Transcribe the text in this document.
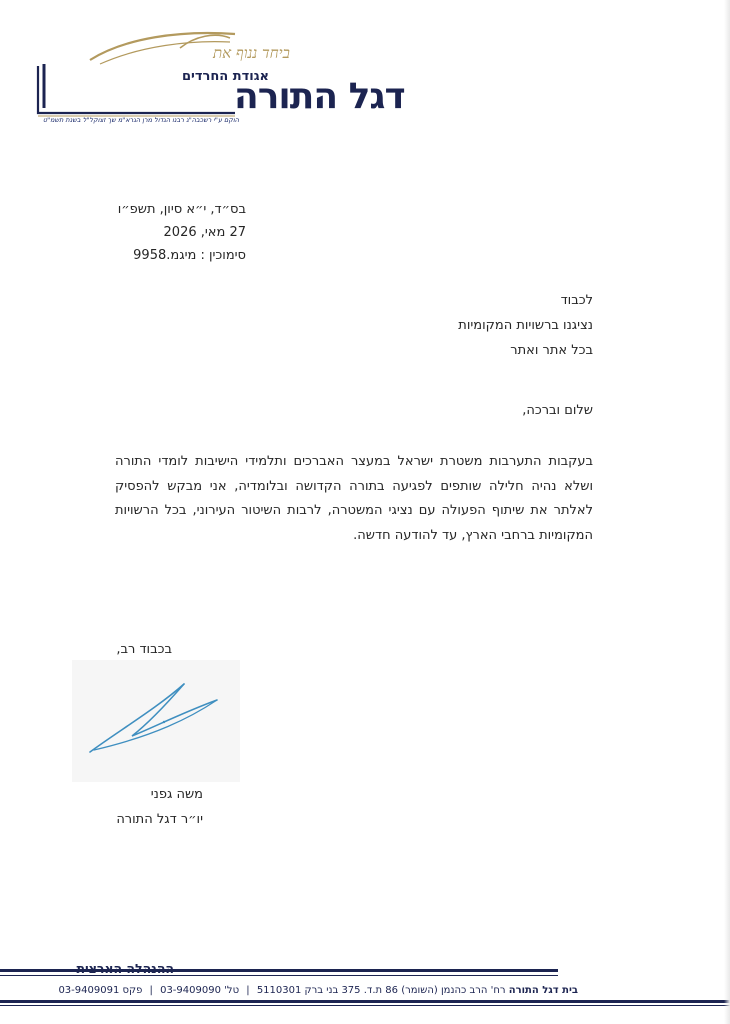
ביחד ננוף את
אגודת החרדים
דגל התורה
הוקם ע"י רשכבה"ג רבנו הגדול מרן הגרא"מ שך זצוקל"ל בשנת תשמ"ט
בס״ד, י״א סיון, תשפ״ו
27 מאי, 2026
סימוכין : מיגמ.9958
לכבוד
נציגנו ברשויות המקומיות
בכל אתר ואתר
שלום וברכה,
בעקבות התערבות משטרת ישראל במעצר האברכים ותלמידי הישיבות לומדי התורה ושלא נהיה חלילה שותפים לפגיעה בתורה הקדושה ובלומדיה, אני מבקש להפסיק לאלתר את שיתוף הפעולה עם נציגי המשטרה, לרבות השיטור העירוני, בכל הרשויות המקומיות ברחבי הארץ, עד להודעה חדשה.
בכבוד רב,
משה גפני
יו״ר דגל התורה
ההנהלה הארצית
בית דגל התורה רח' הרב כהנמן (השומר) 86 ת.ד. 375 בני ברק 5110301 | טל' 03-9409090 | פקס 03-9409091
